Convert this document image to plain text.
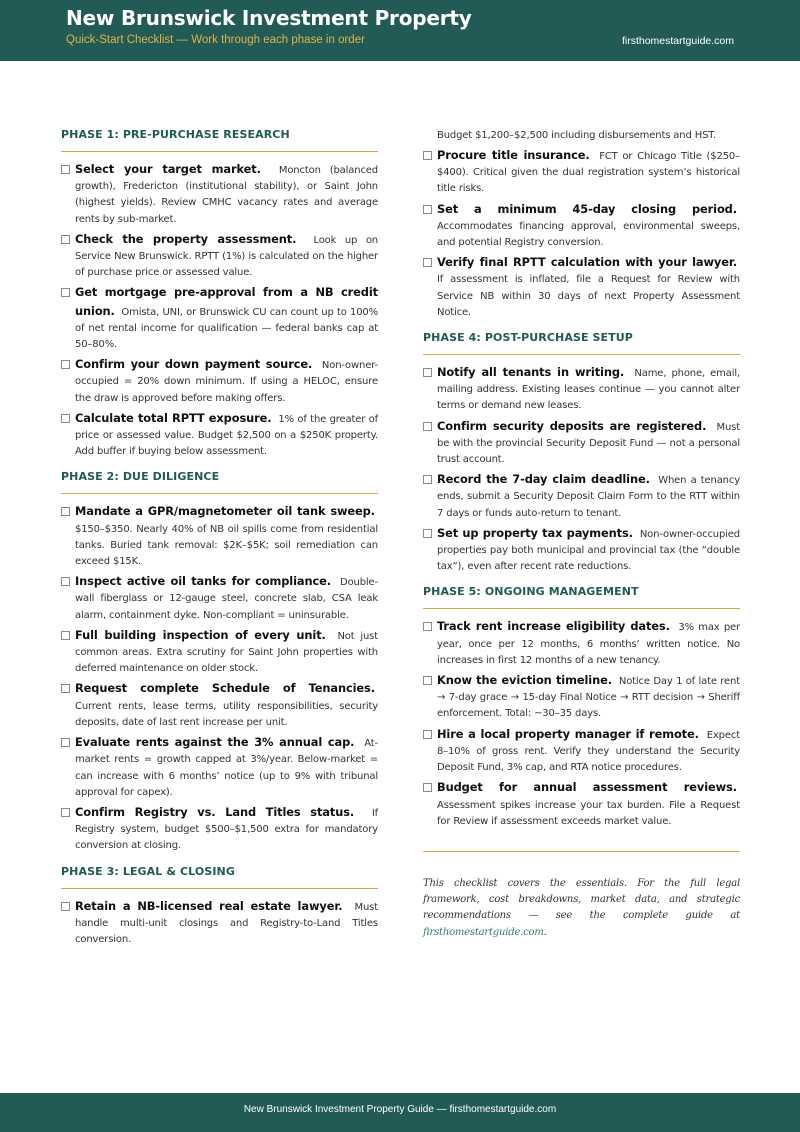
New Brunswick Investment Property
Quick-Start Checklist — Work through each phase in order	firsthomestartguide.com
PHASE 1: PRE-PURCHASE RESEARCH
Select your target market. Moncton (balanced growth), Fredericton (institutional stability), or Saint John (highest yields). Review CMHC vacancy rates and average rents by sub-market.
Check the property assessment. Look up on Service New Brunswick. RPTT (1%) is calculated on the higher of purchase price or assessed value.
Get mortgage pre-approval from a NB credit union. Omista, UNI, or Brunswick CU can count up to 100% of net rental income for qualification — federal banks cap at 50–80%.
Confirm your down payment source. Non-owner-occupied = 20% down minimum. If using a HELOC, ensure the draw is approved before making offers.
Calculate total RPTT exposure. 1% of the greater of price or assessed value. Budget $2,500 on a $250K property. Add buffer if buying below assessment.
PHASE 2: DUE DILIGENCE
Mandate a GPR/magnetometer oil tank sweep.  $150–$350. Nearly 40% of NB oil spills come from residential tanks. Buried tank removal: $2K–$5K; soil remediation can exceed $15K.
Inspect active oil tanks for compliance. Double-wall fiberglass or 12-gauge steel, concrete slab, CSA leak alarm, containment dyke. Non-compliant = uninsurable.
Full building inspection of every unit. Not just common areas. Extra scrutiny for Saint John properties with deferred maintenance on older stock.
Request complete Schedule of Tenancies.  Current rents, lease terms, utility responsibilities, security deposits, date of last rent increase per unit.
Evaluate rents against the 3% annual cap. At-market rents = growth capped at 3%/year. Below-market = can increase with 6 months’ notice (up to 9% with tribunal approval for capex).
Confirm Registry vs. Land Titles status. If Registry system, budget $500–$1,500 extra for mandatory conversion at closing.
PHASE 3: LEGAL & CLOSING
Retain a NB-licensed real estate lawyer. Must handle multi-unit closings and Registry-to-Land Titles conversion.
Budget $1,200–$2,500 including disbursements and HST.
Procure title insurance. FCT or Chicago Title ($250–$400). Critical given the dual registration system’s historical title risks.
Set a minimum 45-day closing period.  Accommodates financing approval, environmental sweeps, and potential Registry conversion.
Verify final RPTT calculation with your lawyer.  If assessment is inflated, file a Request for Review with Service NB within 30 days of next Property Assessment Notice.
PHASE 4: POST-PURCHASE SETUP
Notify all tenants in writing. Name, phone, email, mailing address. Existing leases continue — you cannot alter terms or demand new leases.
Confirm security deposits are registered. Must be with the provincial Security Deposit Fund — not a personal trust account.
Record the 7-day claim deadline. When a tenancy ends, submit a Security Deposit Claim Form to the RTT within 7 days or funds auto-return to tenant.
Set up property tax payments. Non-owner-occupied properties pay both municipal and provincial tax (the “double tax”), even after recent rate reductions.
PHASE 5: ONGOING MANAGEMENT
Track rent increase eligibility dates. 3% max per year, once per 12 months, 6 months’ written notice. No increases in first 12 months of a new tenancy.
Know the eviction timeline. Notice Day 1 of late rent → 7-day grace → 15-day Final Notice → RTT decision → Sheriff enforcement. Total: ~30–35 days.
Hire a local property manager if remote. Expect 8–10% of gross rent. Verify they understand the Security Deposit Fund, 3% cap, and RTA notice procedures.
Budget for annual assessment reviews.  Assessment spikes increase your tax burden. File a Request for Review if assessment exceeds market value.
This checklist covers the essentials. For the full legal framework, cost breakdowns, market data, and strategic recommendations — see the complete guide at firsthomestartguide.com.
New Brunswick Investment Property Guide — firsthomestartguide.com
